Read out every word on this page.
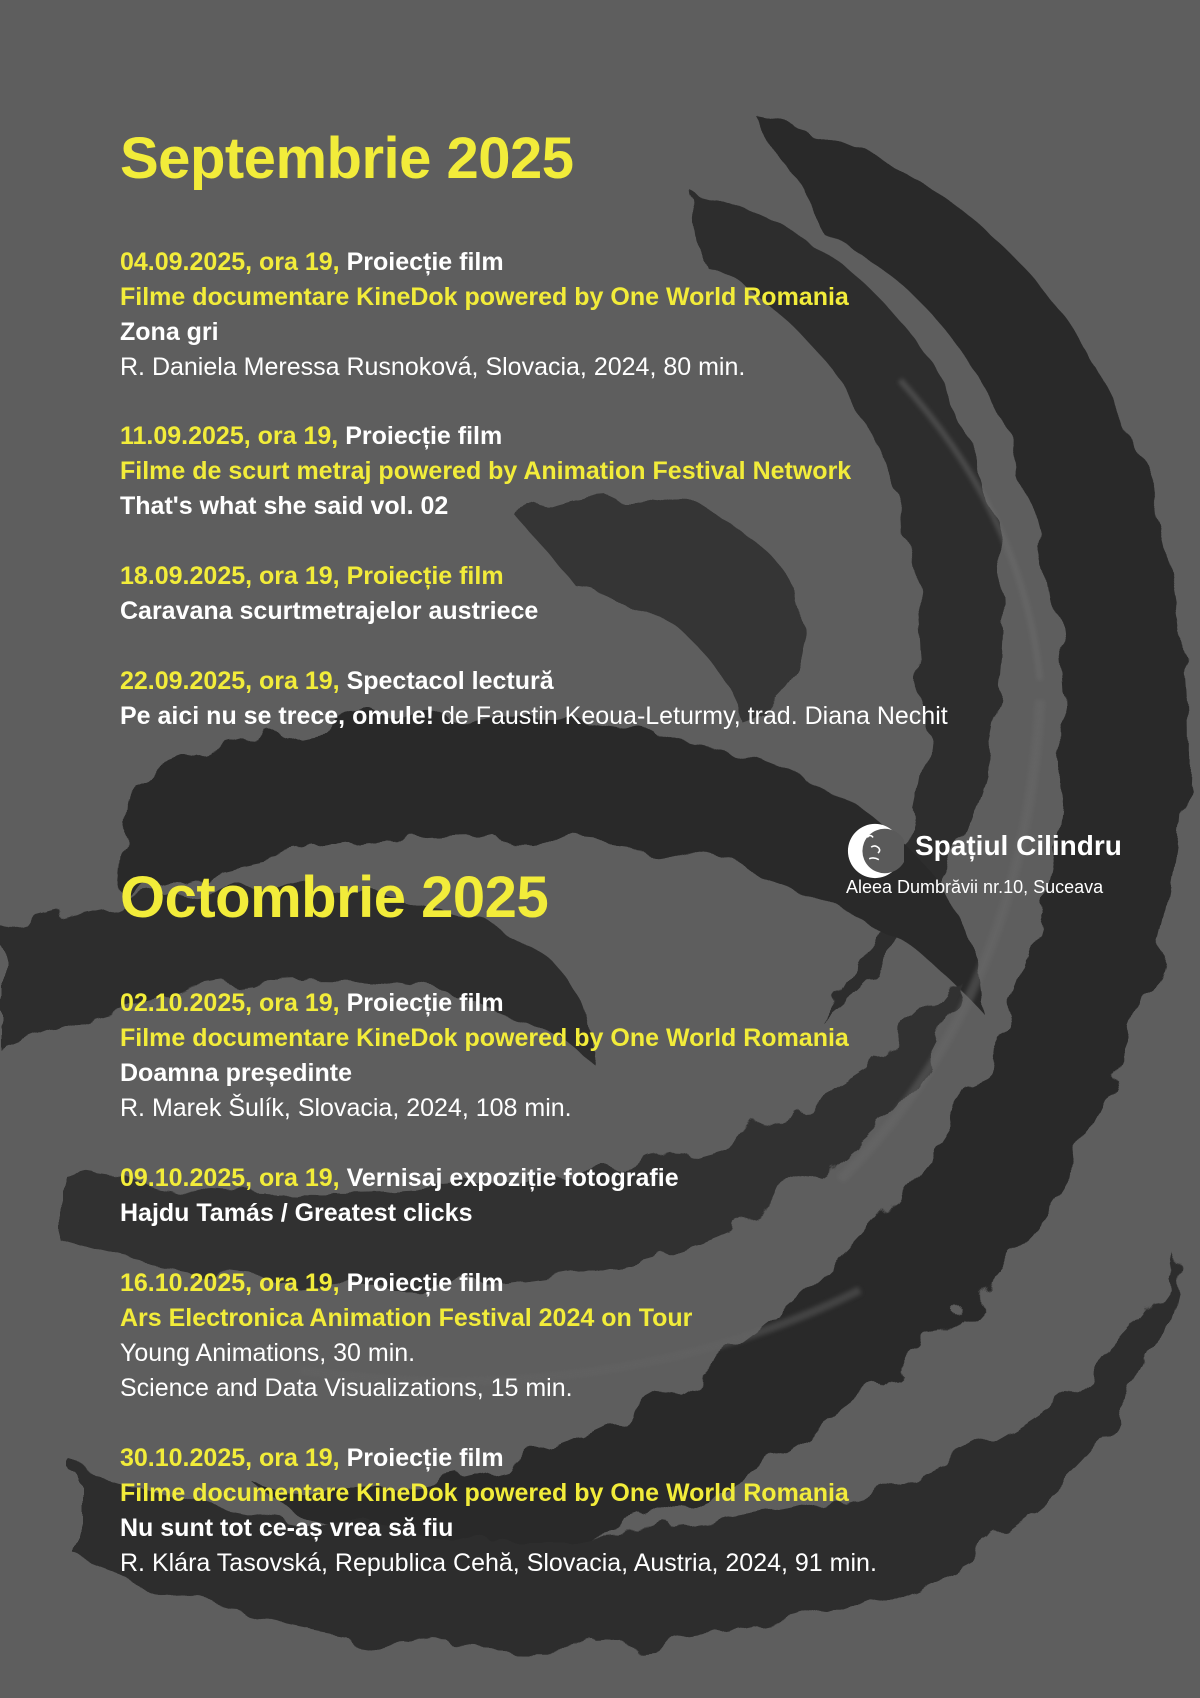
Septembrie 2025
04.09.2025, ora 19, Proiecție film
Filme documentare KineDok powered by One World Romania
Zona gri
R. Daniela Meressa Rusnoková, Slovacia, 2024, 80 min.
11.09.2025, ora 19, Proiecție film
Filme de scurt metraj powered by Animation Festival Network
That's what she said vol. 02
18.09.2025, ora 19, Proiecție film
Caravana scurtmetrajelor austriece
22.09.2025, ora 19, Spectacol lectură
Pe aici nu se trece, omule! de Faustin Keoua-Leturmy, trad. Diana Nechit
Spațiul Cilindru
Aleea Dumbrăvii nr.10, Suceava
Octombrie 2025
02.10.2025, ora 19, Proiecție film
Filme documentare KineDok powered by One World Romania
Doamna președinte
R. Marek Šulík, Slovacia, 2024, 108 min.
09.10.2025, ora 19, Vernisaj expoziție fotografie
Hajdu Tamás / Greatest clicks
16.10.2025, ora 19, Proiecție film
Ars Electronica Animation Festival 2024 on Tour
Young Animations, 30 min.
Science and Data Visualizations, 15 min.
30.10.2025, ora 19, Proiecție film
Filme documentare KineDok powered by One World Romania
Nu sunt tot ce-aș vrea să fiu
R. Klára Tasovská, Republica Cehă, Slovacia, Austria, 2024, 91 min.
